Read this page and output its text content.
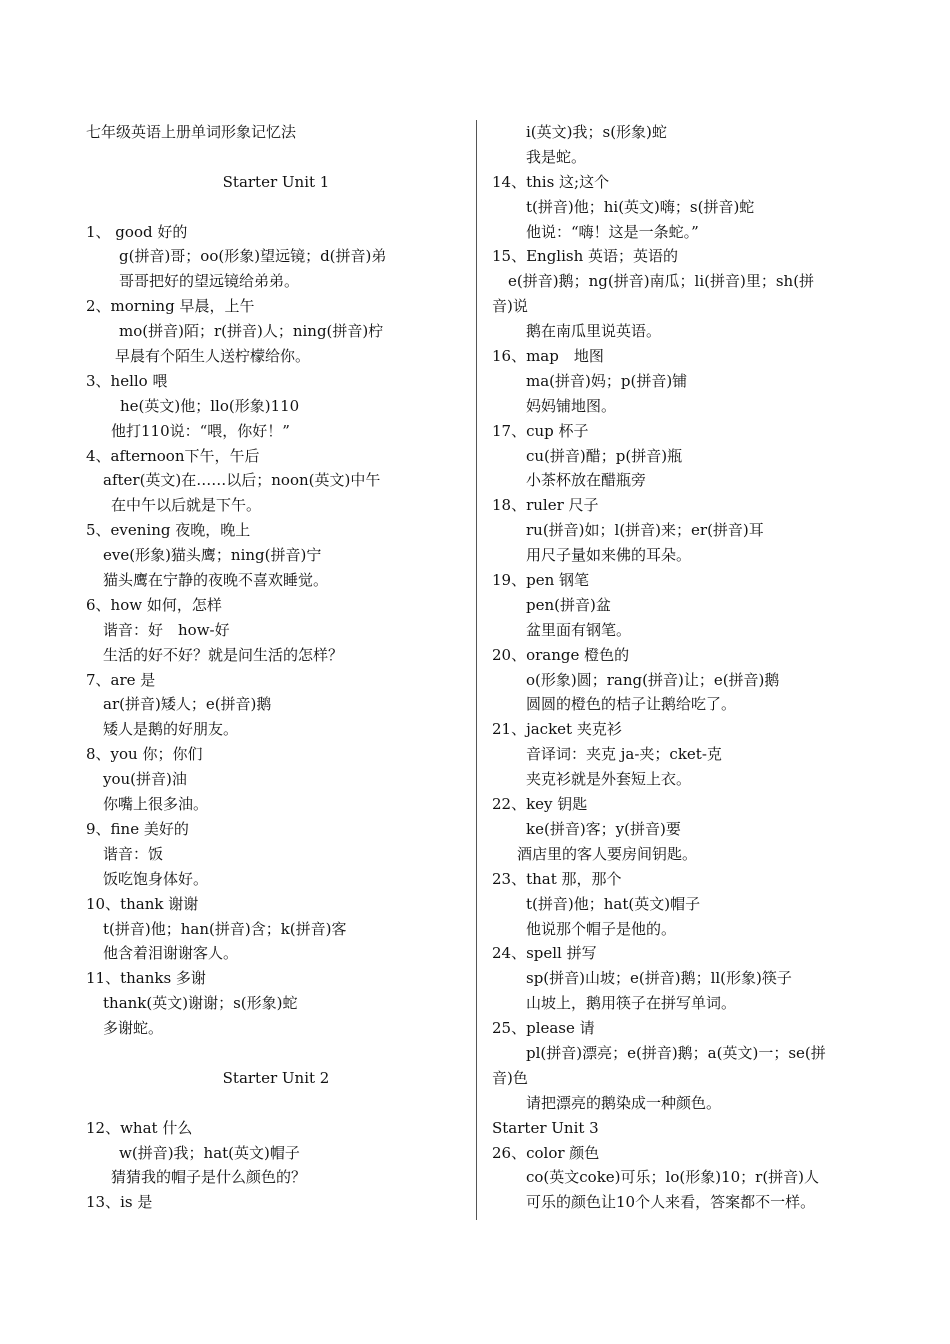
七年级英语上册单词形象记忆法
Starter Unit 1
1、 good 好的
g(拼音)哥；oo(形象)望远镜；d(拼音)弟
哥哥把好的望远镜给弟弟。
2、morning 早晨，上午
mo(拼音)陌；r(拼音)人；ning(拼音)柠
早晨有个陌生人送柠檬给你。
3、hello 喂
he(英文)他；llo(形象)110
他打110说：“喂，你好！”
4、afternoon下午，午后
after(英文)在……以后；noon(英文)中午
在中午以后就是下午。
5、evening 夜晚，晚上
eve(形象)猫头鹰；ning(拼音)宁
猫头鹰在宁静的夜晚不喜欢睡觉。
6、how 如何，怎样
谐音：好　how-好
生活的好不好？就是问生活的怎样？
7、are 是
ar(拼音)矮人；e(拼音)鹅
矮人是鹅的好朋友。
8、you 你；你们
you(拼音)油
你嘴上很多油。
9、fine 美好的
谐音：饭
饭吃饱身体好。
10、thank 谢谢
t(拼音)他；han(拼音)含；k(拼音)客
他含着泪谢谢客人。
11、thanks 多谢
thank(英文)谢谢；s(形象)蛇
多谢蛇。
Starter Unit 2
12、what 什么
w(拼音)我；hat(英文)帽子
猜猜我的帽子是什么颜色的？
13、is 是
i(英文)我；s(形象)蛇
我是蛇。
14、this 这;这个
t(拼音)他；hi(英文)嗨；s(拼音)蛇
他说：“嗨！这是一条蛇。”
15、English 英语；英语的
e(拼音)鹅；ng(拼音)南瓜；li(拼音)里；sh(拼
音)说
鹅在南瓜里说英语。
16、map　地图
ma(拼音)妈；p(拼音)铺
妈妈铺地图。
17、cup 杯子
cu(拼音)醋；p(拼音)瓶
小茶杯放在醋瓶旁
18、ruler 尺子
ru(拼音)如；l(拼音)来；er(拼音)耳
用尺子量如来佛的耳朵。
19、pen 钢笔
pen(拼音)盆
盆里面有钢笔。
20、orange 橙色的
o(形象)圆；rang(拼音)让；e(拼音)鹅
圆圆的橙色的桔子让鹅给吃了。
21、jacket 夹克衫
音译词：夹克 ja-夹；cket-克
夹克衫就是外套短上衣。
22、key 钥匙
ke(拼音)客；y(拼音)要
酒店里的客人要房间钥匙。
23、that 那，那个
t(拼音)他；hat(英文)帽子
他说那个帽子是他的。
24、spell 拼写
sp(拼音)山坡；e(拼音)鹅；ll(形象)筷子
山坡上，鹅用筷子在拼写单词。
25、please 请
pl(拼音)漂亮；e(拼音)鹅；a(英文)一；se(拼
音)色
请把漂亮的鹅染成一种颜色。
Starter Unit 3
26、color 颜色
co(英文coke)可乐；lo(形象)10；r(拼音)人
可乐的颜色让10个人来看，答案都不一样。
